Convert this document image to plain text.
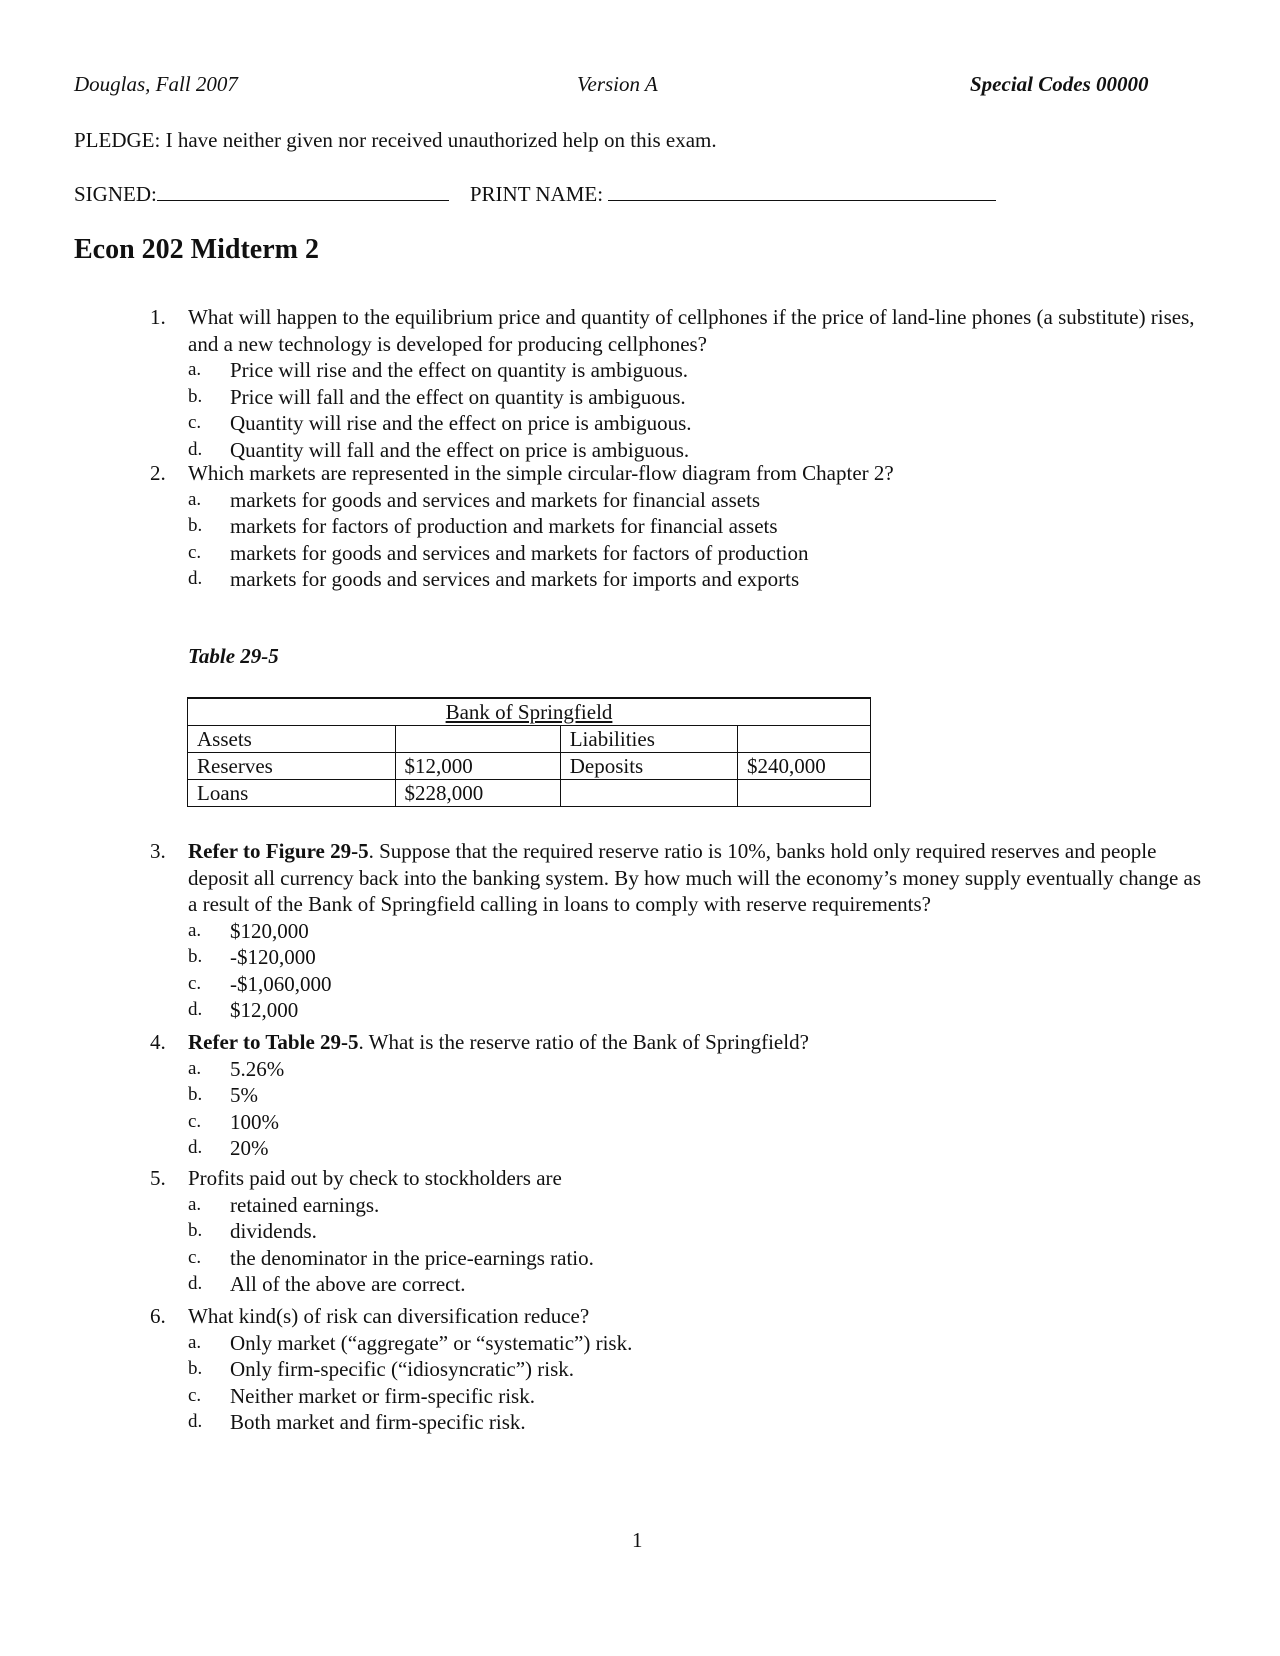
Douglas, Fall 2007	Version A	Special Codes 00000
PLEDGE: I have neither given nor received unauthorized help on this exam.
SIGNED:	PRINT NAME:
Econ 202 Midterm 2
1.	What will happen to the equilibrium price and quantity of cellphones if the price of land-line phones (a substitute) rises, and a new technology is developed for producing cellphones?
a. Price will rise and the effect on quantity is ambiguous.
b. Price will fall and the effect on quantity is ambiguous.
c. Quantity will rise and the effect on price is ambiguous.
d. Quantity will fall and the effect on price is ambiguous.
2.	Which markets are represented in the simple circular-flow diagram from Chapter 2?
a. markets for goods and services and markets for financial assets
b. markets for factors of production and markets for financial assets
c. markets for goods and services and markets for factors of production
d. markets for goods and services and markets for imports and exports
Table 29-5
Bank of Springfield			
Assets		Liabilities	
Reserves	$12,000	Deposits	$240,000
Loans	$228,000		
3.	Refer to Figure 29-5. Suppose that the required reserve ratio is 10%, banks hold only required reserves and people deposit all currency back into the banking system. By how much will the economy’s money supply eventually change as a result of the Bank of Springfield calling in loans to comply with reserve requirements?
a. $120,000
b. -$120,000
c. -$1,060,000
d. $12,000
4.	Refer to Table 29-5. What is the reserve ratio of the Bank of Springfield?
a. 5.26%
b. 5%
c. 100%
d. 20%
5.	Profits paid out by check to stockholders are
a. retained earnings.
b. dividends.
c. the denominator in the price-earnings ratio.
d. All of the above are correct.
6.	What kind(s) of risk can diversification reduce?
a. Only market (“aggregate” or “systematic”) risk.
b. Only firm-specific (“idiosyncratic”) risk.
c. Neither market or firm-specific risk.
d. Both market and firm-specific risk.
1
